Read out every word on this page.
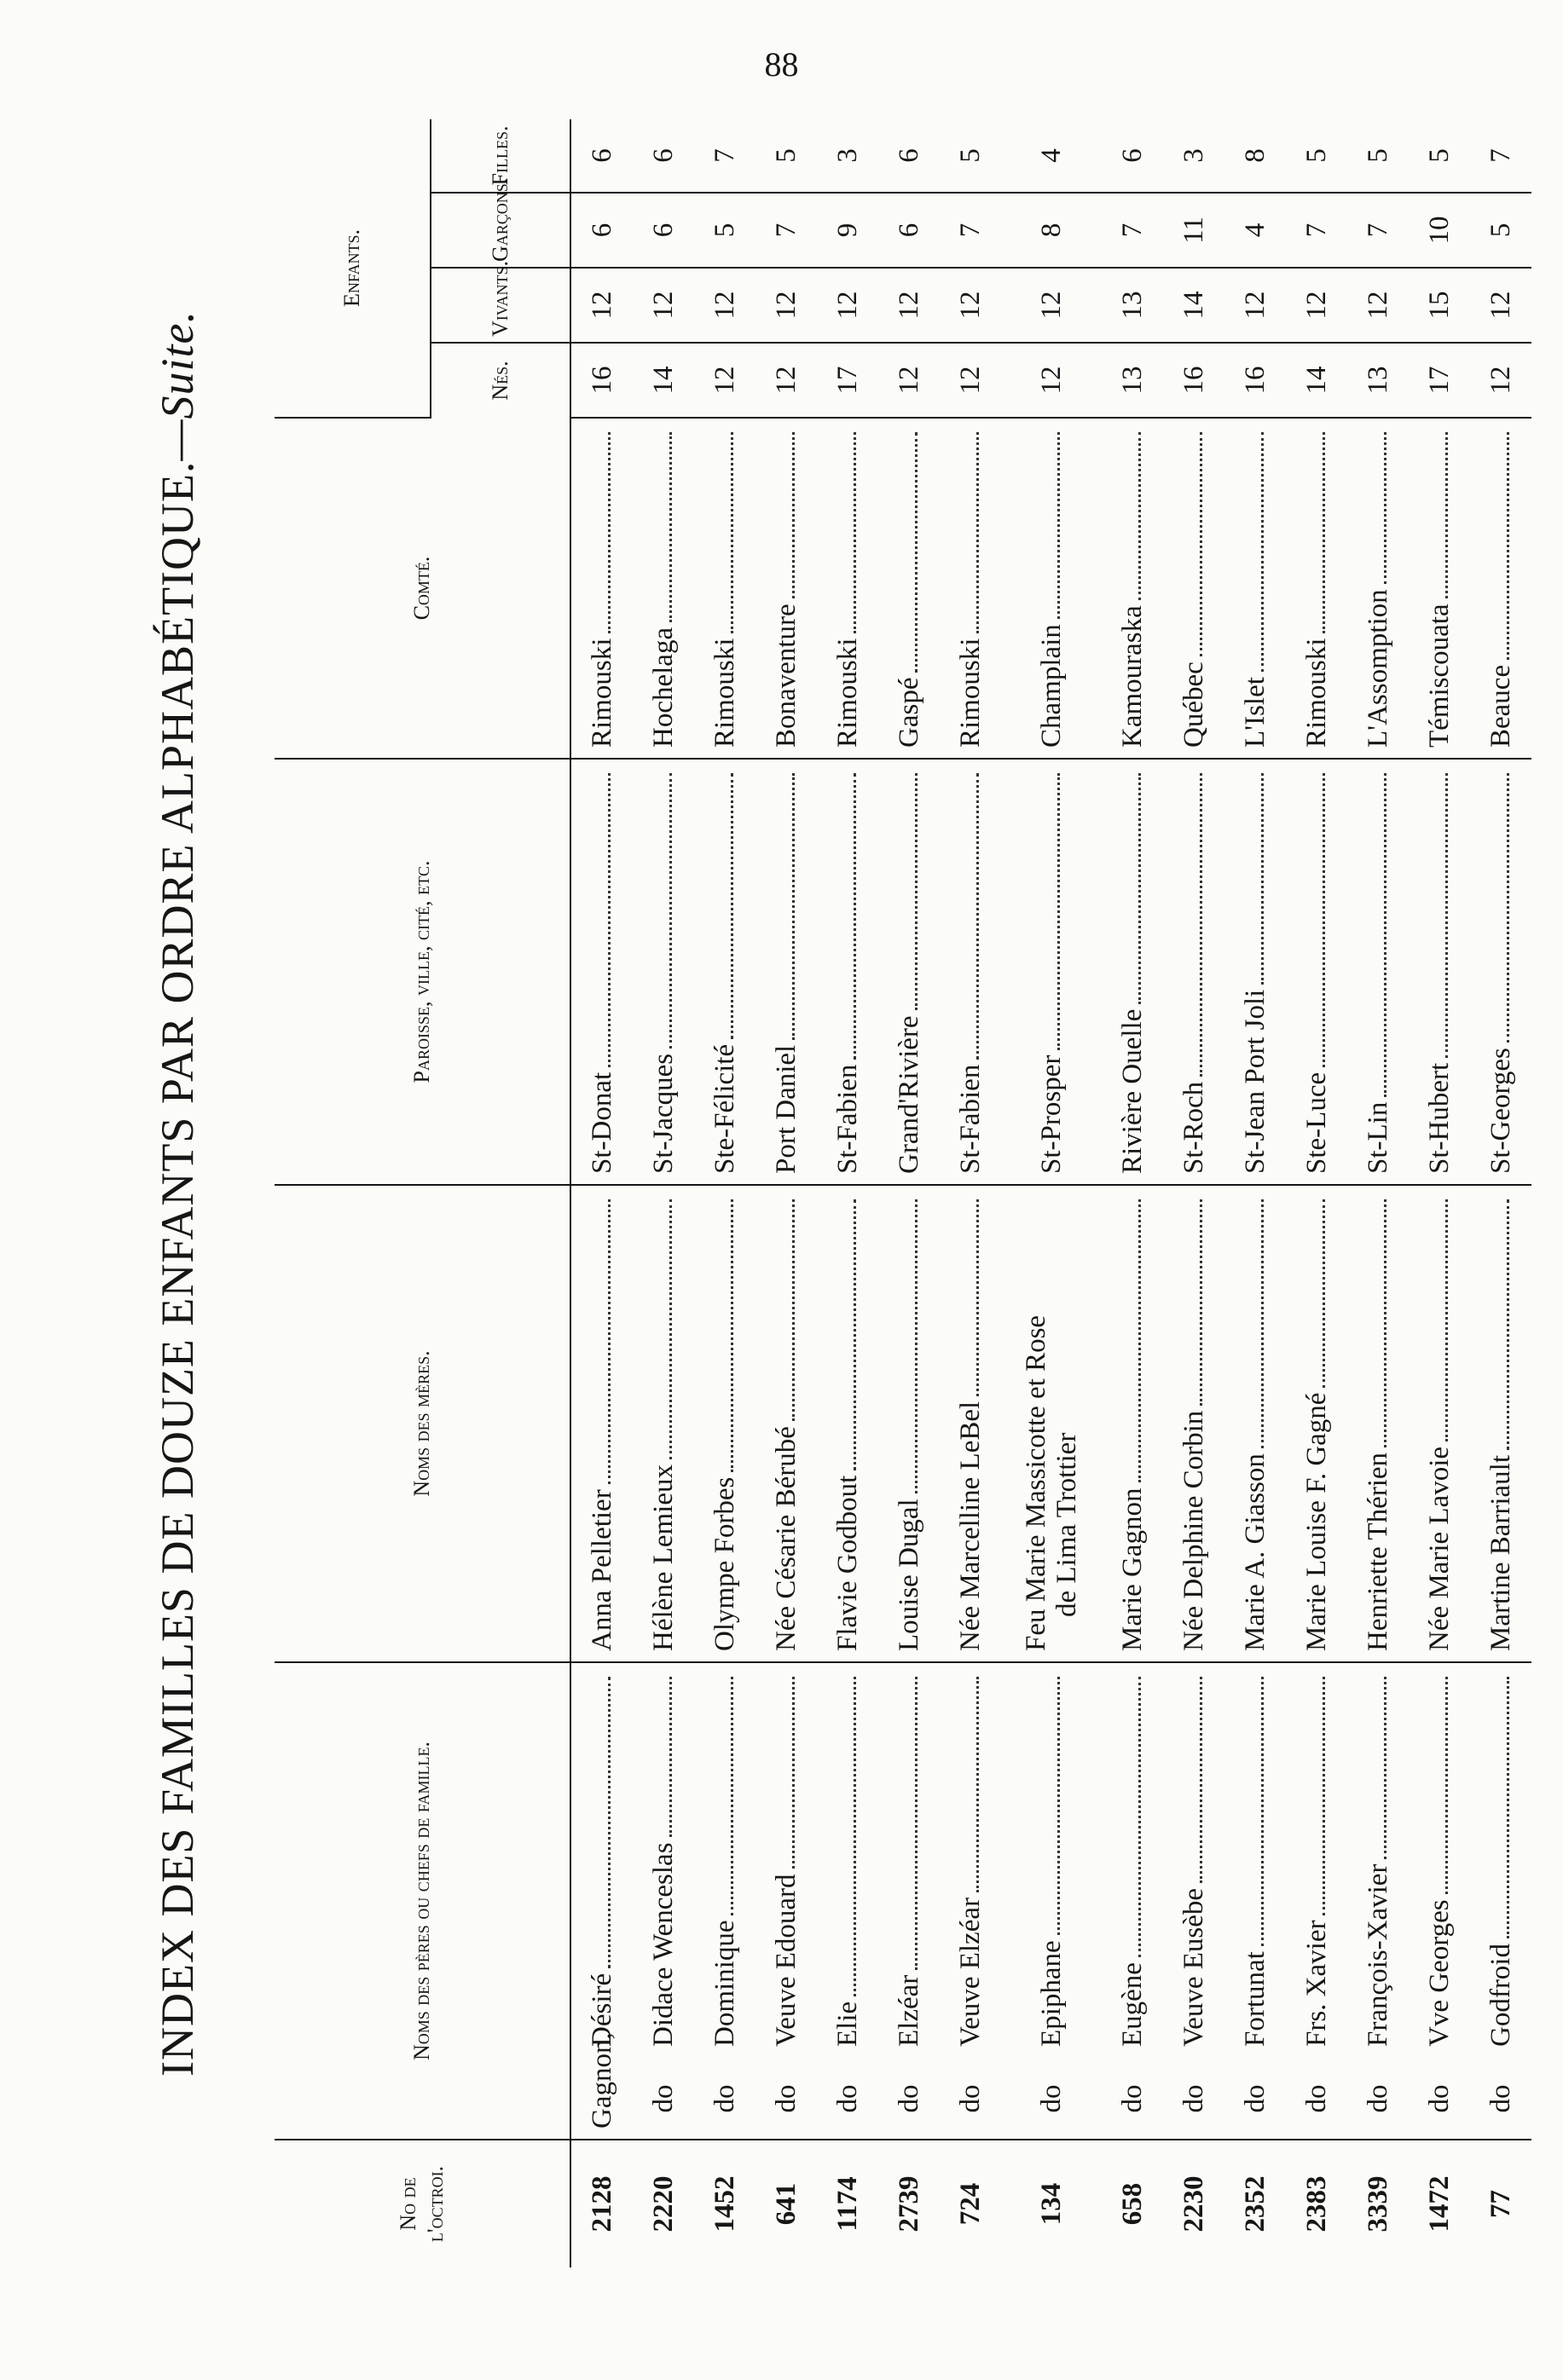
88
INDEX DES FAMILLES DE DOUZE ENFANTS PAR ORDRE ALPHABÉTIQUE.—Suite.
No de l'octroi.	Noms des pères ou chefs de famille.	Noms des mères.	Paroisse, ville, cité, etc.	Comté.	Enfants.			
					Nés.	Vivants.	Garçons.	Filles.
2128	Gagnon,Désiré	Anna Pelletier	St-Donat	Rimouski	16	12	6	6
2220	doDidace Wenceslas	Hélène Lemieux	St-Jacques	Hochelaga	14	12	6	6
1452	doDominique	Olympe Forbes	Ste-Félicité	Rimouski	12	12	5	7
641	doVeuve Edouard	Née Césarie Bérubé	Port Daniel	Bonaventure	12	12	7	5
1174	doElie	Flavie Godbout	St-Fabien	Rimouski	17	12	9	3
2739	doElzéar	Louise Dugal	Grand'Rivière	Gaspé	12	12	6	6
724	doVeuve Elzéar	Née Marcelline LeBel	St-Fabien	Rimouski	12	12	7	5
134	doEpiphane	Feu Marie Massicotte et Rose de Lima Trottier	St-Prosper	Champlain	12	12	8	4
658	doEugène	Marie Gagnon	Rivière Ouelle	Kamouraska	13	13	7	6
2230	doVeuve Eusèbe	Née Delphine Corbin	St-Roch	Québec	16	14	11	3
2352	doFortunat	Marie A. Giasson	St-Jean Port Joli	L'Islet	16	12	4	8
2383	doFrs. Xavier	Marie Louise F. Gagné	Ste-Luce	Rimouski	14	12	7	5
3339	doFrançois-Xavier	Henriette Thérien	St-Lin	L'Assomption	13	12	7	5
1472	doVve Georges	Née Marie Lavoie	St-Hubert	Témiscouata	17	15	10	5
77	doGodfroid	Martine Barriault	St-Georges	Beauce	12	12	5	7
